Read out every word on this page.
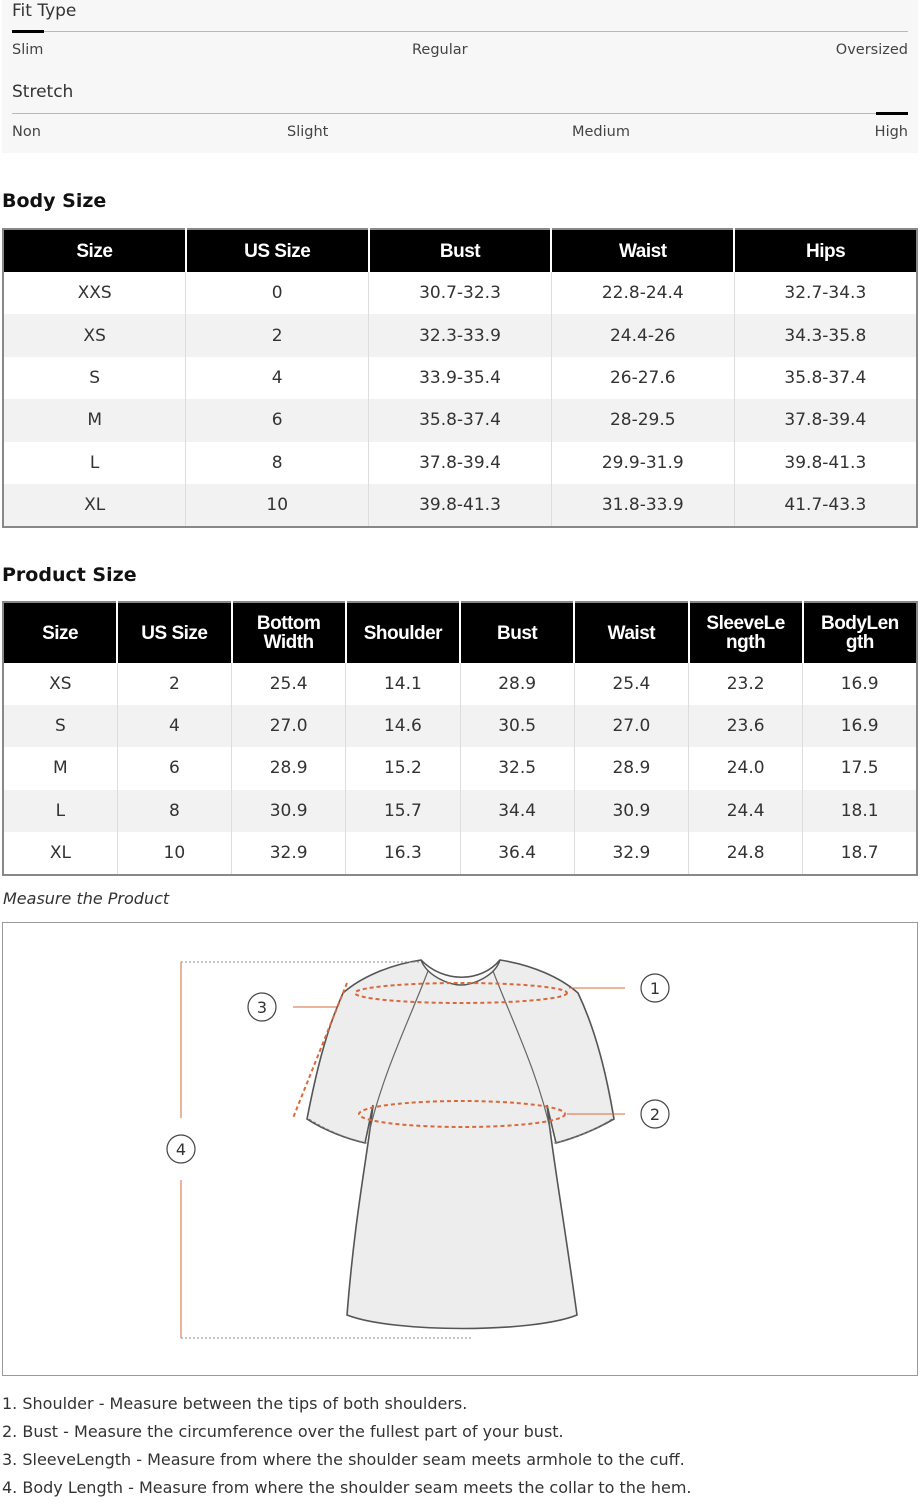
Fit Type
Slim	Regular	Oversized
Stretch
Non	Slight	Medium	High
Body Size
Size	US Size	Bust	Waist	Hips
XXS	0	30.7-32.3	22.8-24.4	32.7-34.3
XS	2	32.3-33.9	24.4-26	34.3-35.8
S	4	33.9-35.4	26-27.6	35.8-37.4
M	6	35.8-37.4	28-29.5	37.8-39.4
L	8	37.8-39.4	29.9-31.9	39.8-41.3
XL	10	39.8-41.3	31.8-33.9	41.7-43.3
Product Size
Size	US Size	Bottom Width	Shoulder	Bust	Waist	SleeveLe ngth	BodyLen gth
XS	2	25.4	14.1	28.9	25.4	23.2	16.9
S	4	27.0	14.6	30.5	27.0	23.6	16.9
M	6	28.9	15.2	32.5	28.9	24.0	17.5
L	8	30.9	15.7	34.4	30.9	24.4	18.1
XL	10	32.9	16.3	36.4	32.9	24.8	18.7
Measure the Product
1
2
3
4
1. Shoulder - Measure between the tips of both shoulders.
2. Bust - Measure the circumference over the fullest part of your bust.
3. SleeveLength - Measure from where the shoulder seam meets armhole to the cuff.
4. Body Length - Measure from where the shoulder seam meets the collar to the hem.
